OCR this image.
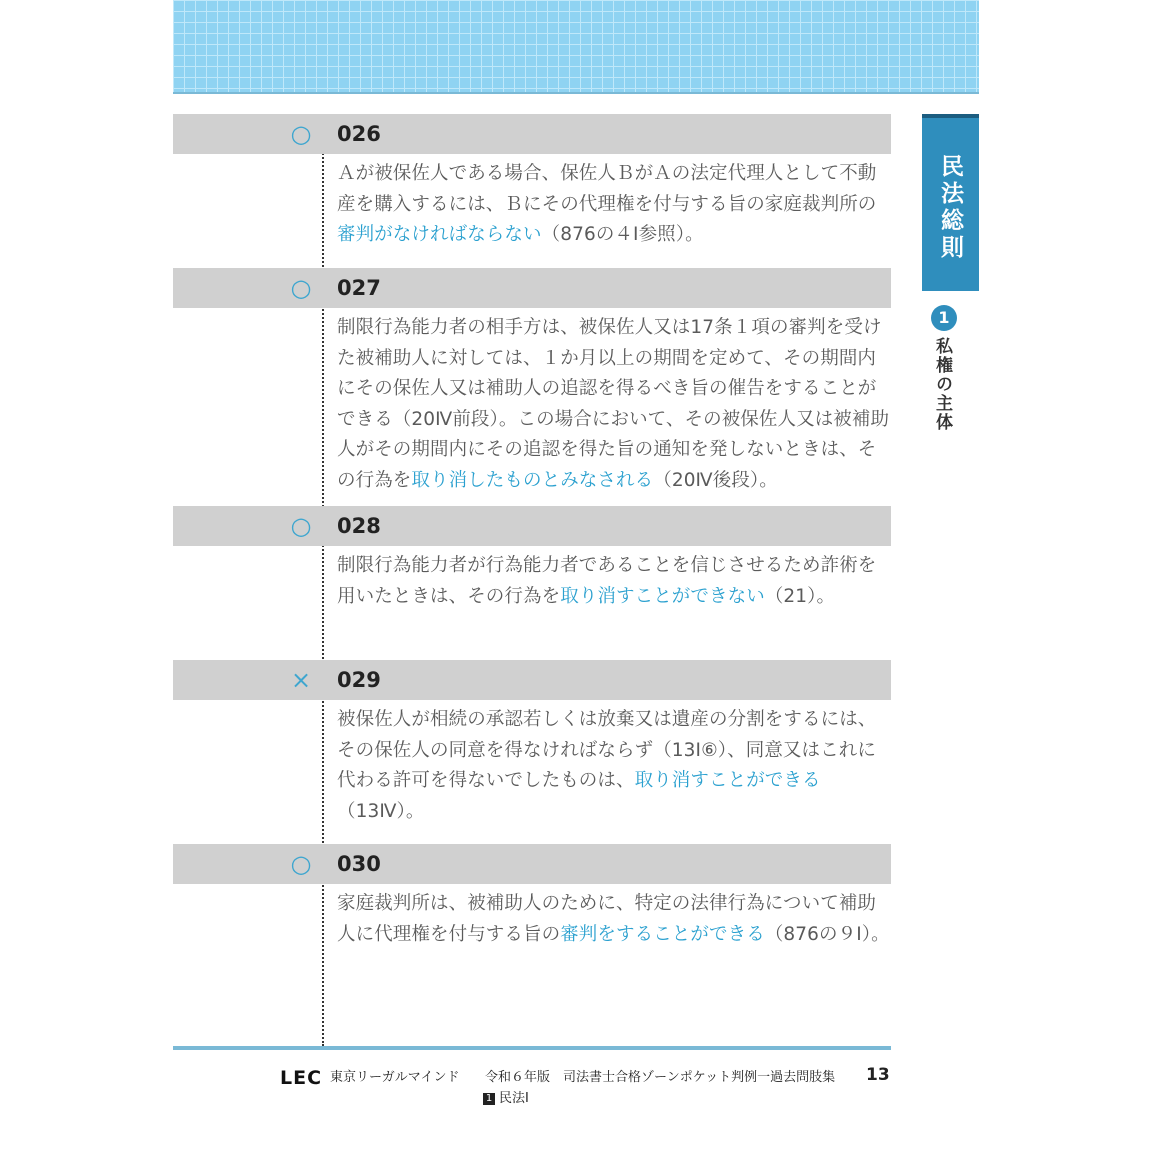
○ 026
Ａが被保佐人である場合、保佐人ＢがＡの法定代理人として不動産を購入するには、Ｂにその代理権を付与する旨の家庭裁判所の審判がなければならない（876の４Ⅰ参照）。
○ 027
制限行為能力者の相手方は、被保佐人又は17条１項の審判を受けた被補助人に対しては、１か月以上の期間を定めて、その期間内にその保佐人又は補助人の追認を得るべき旨の催告をすることができる（20Ⅳ前段）。この場合において、その被保佐人又は被補助人がその期間内にその追認を得た旨の通知を発しないときは、その行為を取り消したものとみなされる（20Ⅳ後段）。
○ 028
制限行為能力者が行為能力者であることを信じさせるため詐術を用いたときは、その行為を取り消すことができない（21）。
× 029
被保佐人が相続の承認若しくは放棄又は遺産の分割をするには、その保佐人の同意を得なければならず（13Ⅰ⑥）、同意又はこれに代わる許可を得ないでしたものは、取り消すことができる（13Ⅳ）。
○ 030
家庭裁判所は、被補助人のために、特定の法律行為について補助人に代理権を付与する旨の審判をすることができる（876の９Ⅰ）。
民法総則
1
私権の主体
LEC 東京リーガルマインド 令和６年版　司法書士合格ゾーンポケット判例一過去問肢集 13
1 民法Ⅰ
